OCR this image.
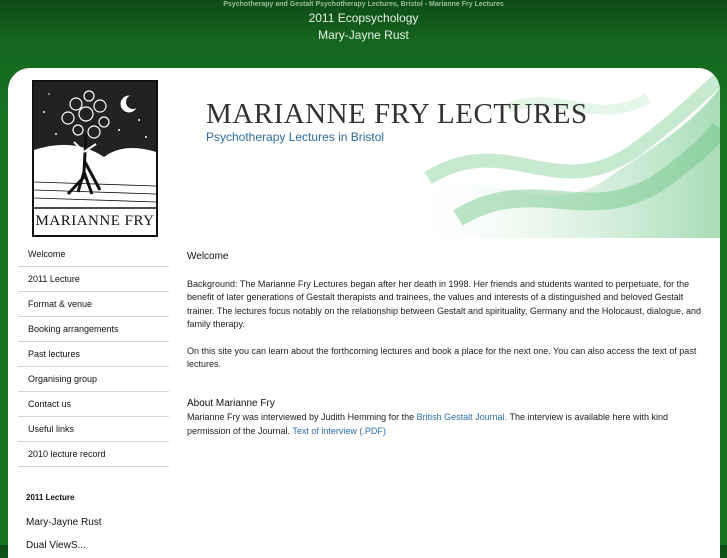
Psychotherapy and Gestalt Psychotherapy Lectures, Bristol - Marianne Fry Lectures
2011 Ecopsychology
Mary-Jayne Rust
MARIANNE FRY
MARIANNE FRY LECTURES
Psychotherapy Lectures in Bristol
Welcome
2011 Lecture
Format & venue
Booking arrangements
Past lectures
Organising group
Contact us
Useful links
2010 lecture record
2011 Lecture
Mary-Jayne Rust
Dual ViewS...
Welcome

Background: The Marianne Fry Lectures began after her death in 1998. Her friends and students wanted to perpetuate, for the benefit of later generations of Gestalt therapists and trainees, the values and interests of a distinguished and beloved Gestalt trainer. The lectures focus notably on the relationship between Gestalt and spirituality, Germany and the Holocaust, dialogue, and family therapy.

On this site you can learn about the forthcoming lectures and book a place for the next one. You can also access the text of past lectures.

About Marianne Fry

Marianne Fry was interviewed by Judith Hemming for the British Gestalt Journal. The interview is available here with kind permission of the Journal. Text of interview (.PDF)
